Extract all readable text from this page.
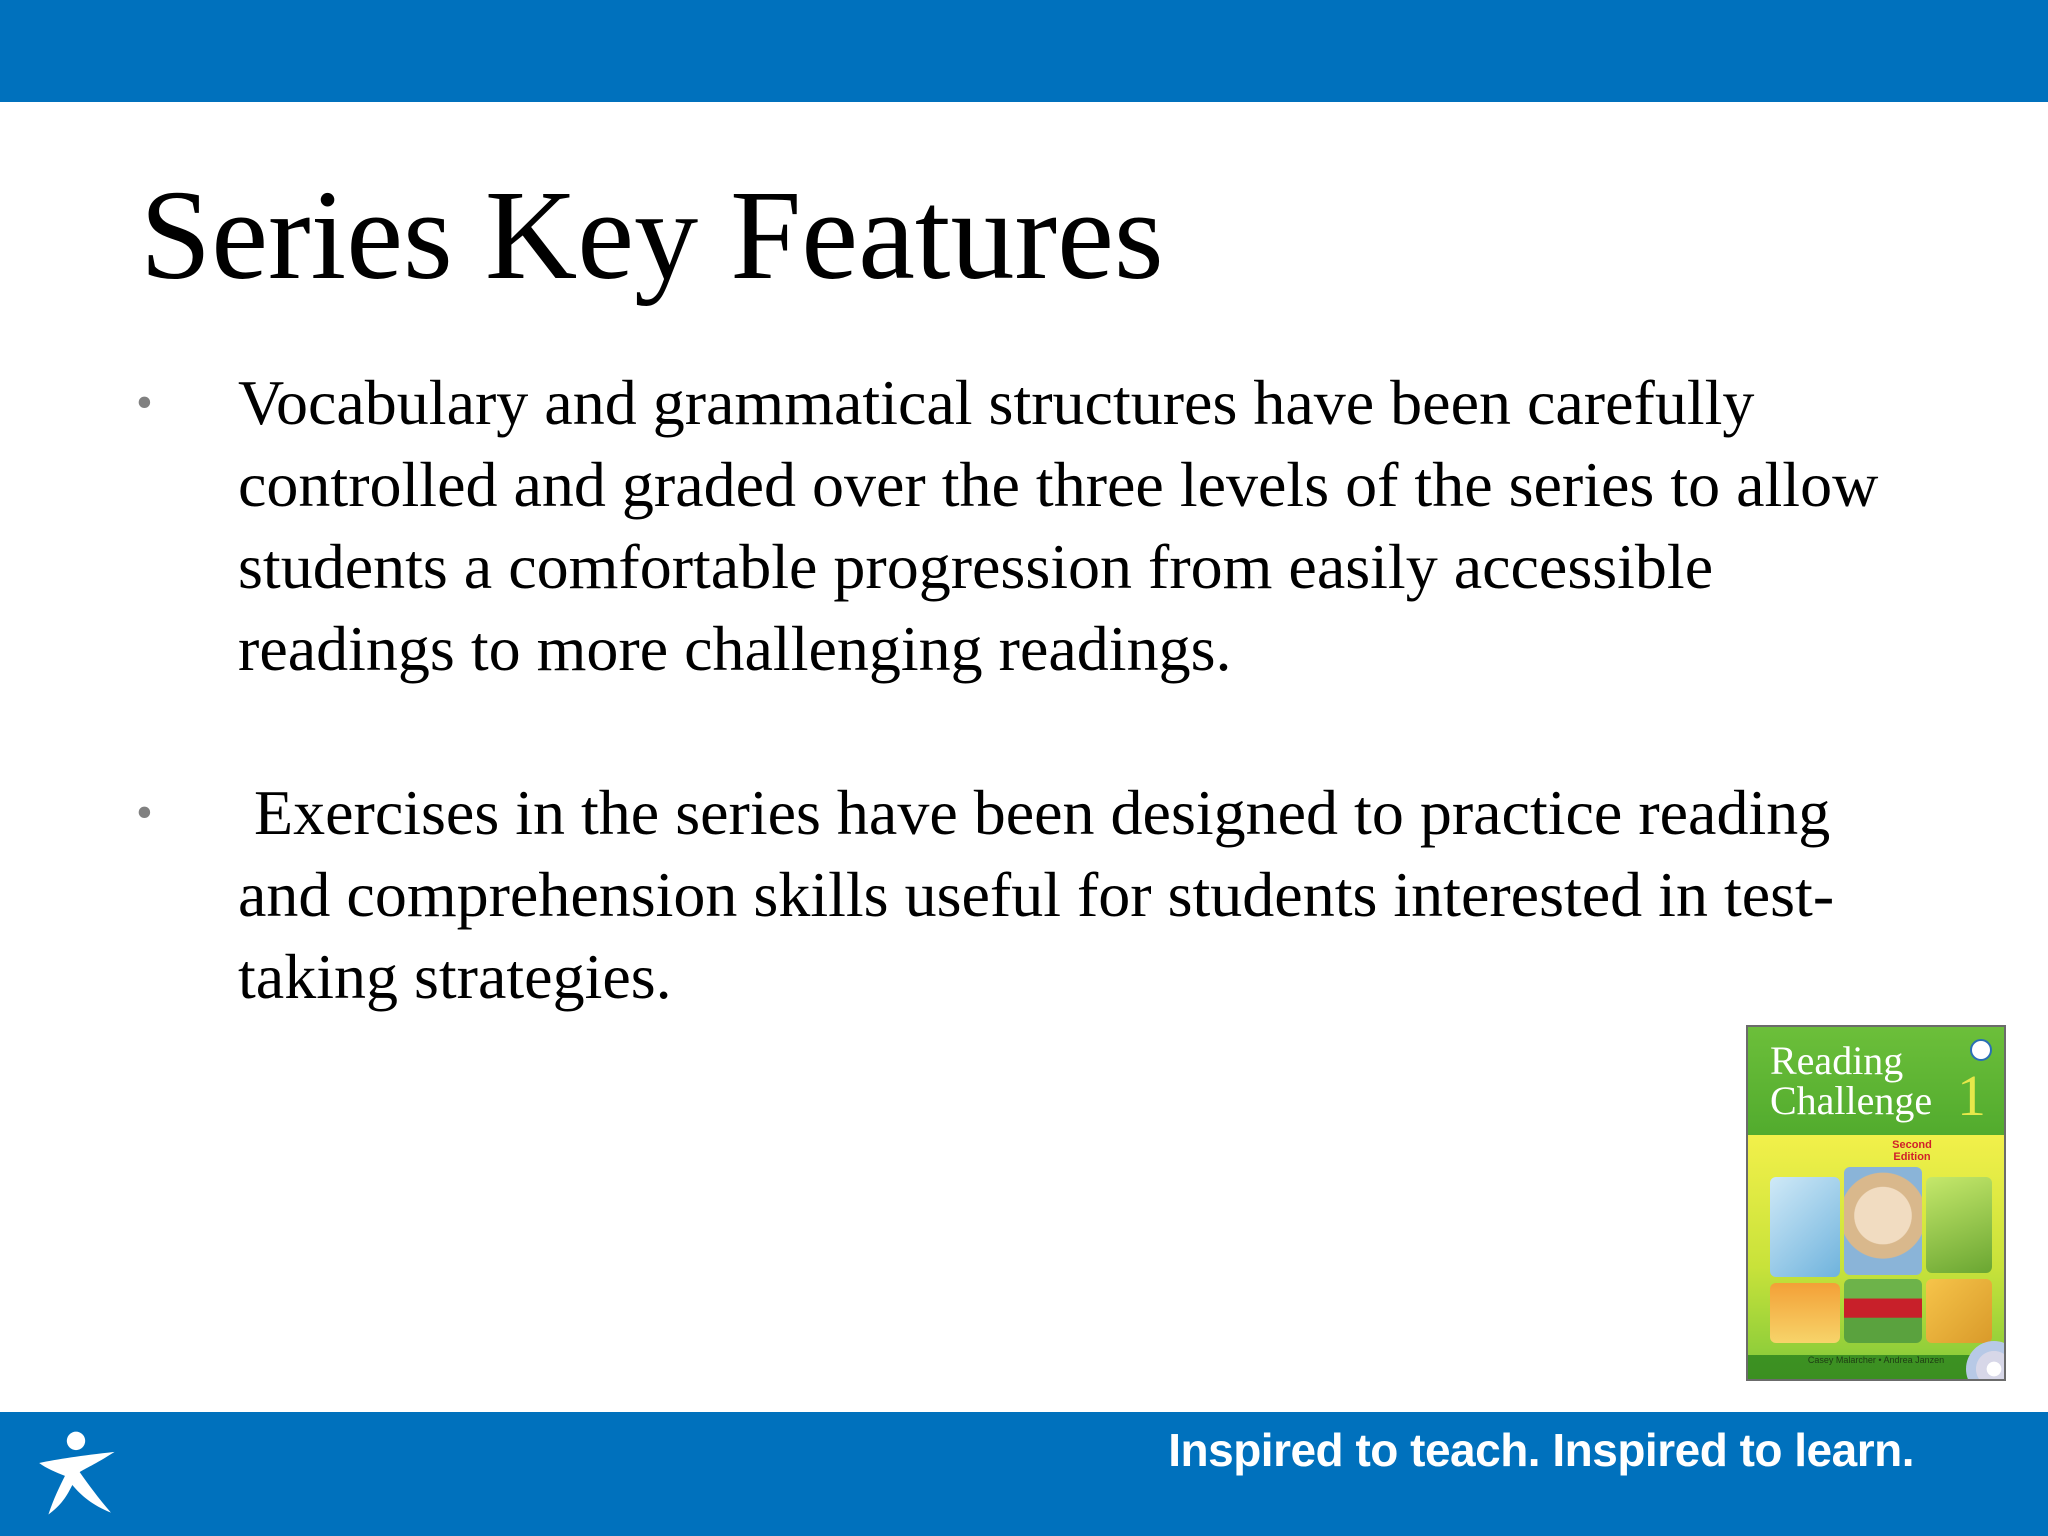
Series Key Features
• Vocabulary and grammatical structures have been carefully controlled and graded over the three levels of the series to allow students a comfortable progression from easily accessible readings to more challenging readings.
• Exercises in the series have been designed to practice reading and comprehension skills useful for students interested in test-taking strategies.
Reading
Challenge 1
Second Edition
Casey Malarcher • Andrea Janzen
Inspired to teach. Inspired to learn.
